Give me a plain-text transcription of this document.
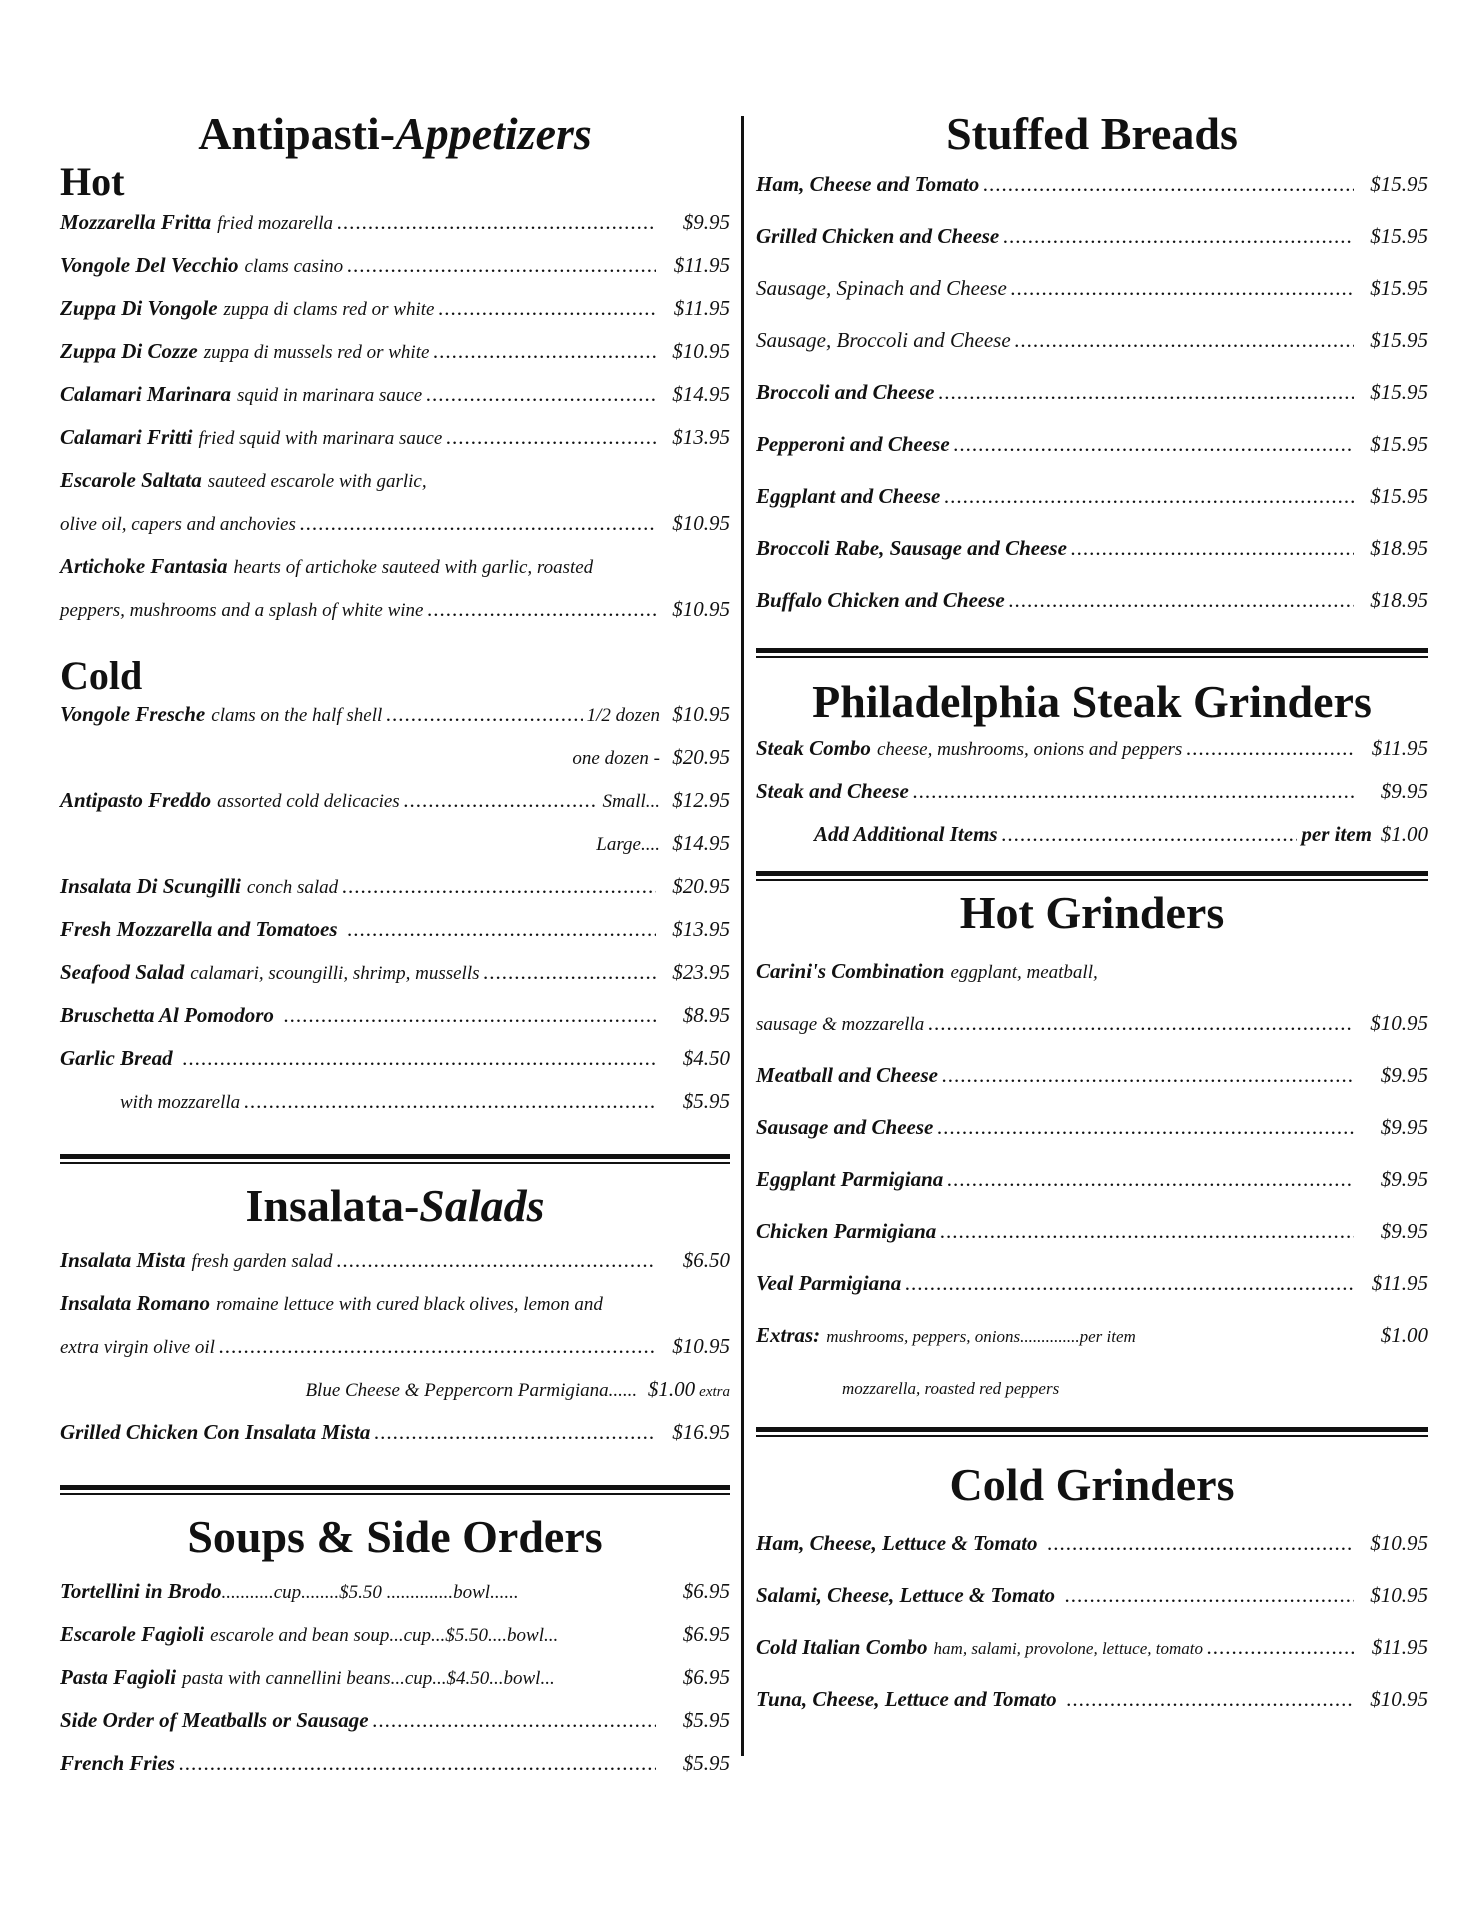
Antipasti-Appetizers
Hot
Mozzarella Fritta fried mozarella .....	$9.95
Vongole Del Vecchio clams casino .....	$11.95
Zuppa Di Vongole zuppa di clams red or white .....	$11.95
Zuppa Di Cozze zuppa di mussels red or white .....	$10.95
Calamari Marinara squid in marinara sauce .....	$14.95
Calamari Fritti fried squid with marinara sauce .....	$13.95
Escarole Saltata sauteed escarole with garlic,
olive oil, capers and anchovies .....	$10.95
Artichoke Fantasia hearts of artichoke sauteed with garlic, roasted
peppers, mushrooms and a splash of white wine .....	$10.95
Cold
Vongole Fresche clams on the half shell .....	1/2 dozen $10.95
one dozen - $20.95
Antipasto Freddo assorted cold delicacies .....	Small... $12.95
Large.... $14.95
Insalata Di Scungilli conch salad .....	$20.95
Fresh Mozzarella and Tomatoes .....	$13.95
Seafood Salad calamari, scoungilli, shrimp, mussells .....	$23.95
Bruschetta Al Pomodoro .....	$8.95
Garlic Bread .....	$4.50
with mozzarella .....	$5.95
Insalata-Salads
Insalata Mista fresh garden salad .....	$6.50
Insalata Romano romaine lettuce with cured black olives, lemon and
extra virgin olive oil .....	$10.95
Blue Cheese & Peppercorn Parmigiana...... $1.00 extra
Grilled Chicken Con Insalata Mista .....	$16.95
Soups & Side Orders
Tortellini in Brodo ...........cup........$5.50 ..............bowl......	$6.95
Escarole Fagioli escarole and bean soup...cup...$5.50....bowl...	$6.95
Pasta Fagioli pasta with cannellini beans...cup...$4.50...bowl...	$6.95
Side Order of Meatballs or Sausage .....	$5.95
French Fries .....	$5.95
Stuffed Breads
Ham, Cheese and Tomato .....	$15.95
Grilled Chicken and Cheese .....	$15.95
Sausage, Spinach and Cheese .....	$15.95
Sausage, Broccoli and Cheese .....	$15.95
Broccoli and Cheese .....	$15.95
Pepperoni and Cheese .....	$15.95
Eggplant and Cheese .....	$15.95
Broccoli Rabe, Sausage and Cheese .....	$18.95
Buffalo Chicken and Cheese .....	$18.95
Philadelphia Steak Grinders
Steak Combo cheese, mushrooms, onions and peppers .....	$11.95
Steak and Cheese .....	$9.95
Add Additional Items .....	per item $1.00
Hot Grinders
Carini's Combination eggplant, meatball,
sausage & mozzarella .....	$10.95
Meatball and Cheese .....	$9.95
Sausage and Cheese .....	$9.95
Eggplant Parmigiana .....	$9.95
Chicken Parmigiana .....	$9.95
Veal Parmigiana .....	$11.95
Extras: mushrooms, peppers, onions..............per item	$1.00
mozzarella, roasted red peppers
Cold Grinders
Ham, Cheese, Lettuce & Tomato .....	$10.95
Salami, Cheese, Lettuce & Tomato .....	$10.95
Cold Italian Combo ham, salami, provolone, lettuce, tomato .....	$11.95
Tuna, Cheese, Lettuce and Tomato .....	$10.95
